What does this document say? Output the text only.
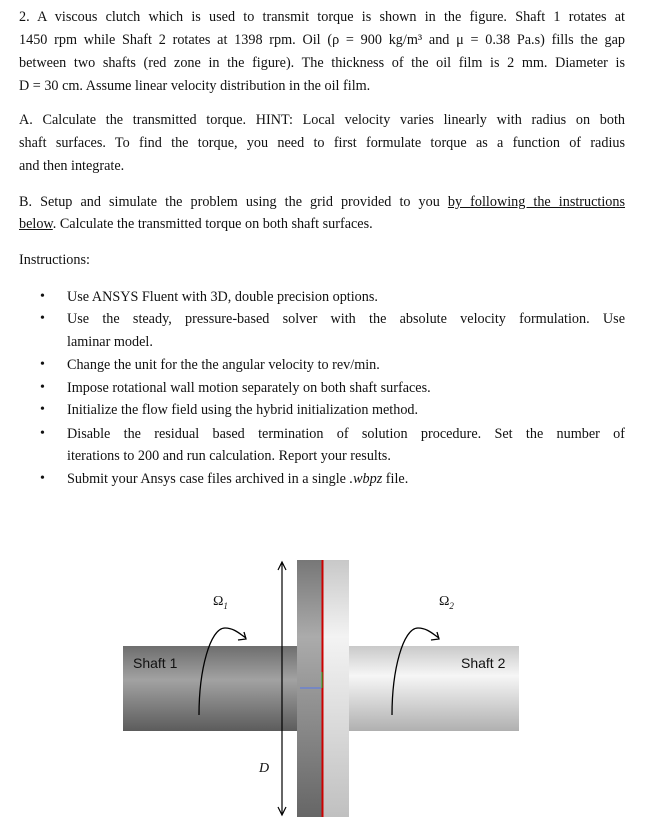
2. A viscous clutch which is used to transmit torque is shown in the figure. Shaft 1 rotates at
1450 rpm while Shaft 2 rotates at 1398 rpm. Oil (ρ = 900 kg/m³ and μ = 0.38 Pa.s) fills the gap
between two shafts (red zone in the figure). The thickness of the oil film is 2 mm. Diameter is
D = 30 cm. Assume linear velocity distribution in the oil film.
A. Calculate the transmitted torque. HINT: Local velocity varies linearly with radius on both
shaft surfaces. To find the torque, you need to first formulate torque as a function of radius
and then integrate.
B. Setup and simulate the problem using the grid provided to you by following the instructions
below. Calculate the transmitted torque on both shaft surfaces.
Instructions:
• Use ANSYS Fluent with 3D, double precision options.
• Use the steady, pressure-based solver with the absolute velocity formulation. Use
laminar model.
• Change the unit for the the angular velocity to rev/min.
• Impose rotational wall motion separately on both shaft surfaces.
• Initialize the flow field using the hybrid initialization method.
• Disable the residual based termination of solution procedure. Set the number of
iterations to 200 and run calculation. Report your results.
• Submit your Ansys case files archived in a single .wbpz file.
Shaft 1	Shaft 2
$\Omega_1$	$\Omega_2$
D
